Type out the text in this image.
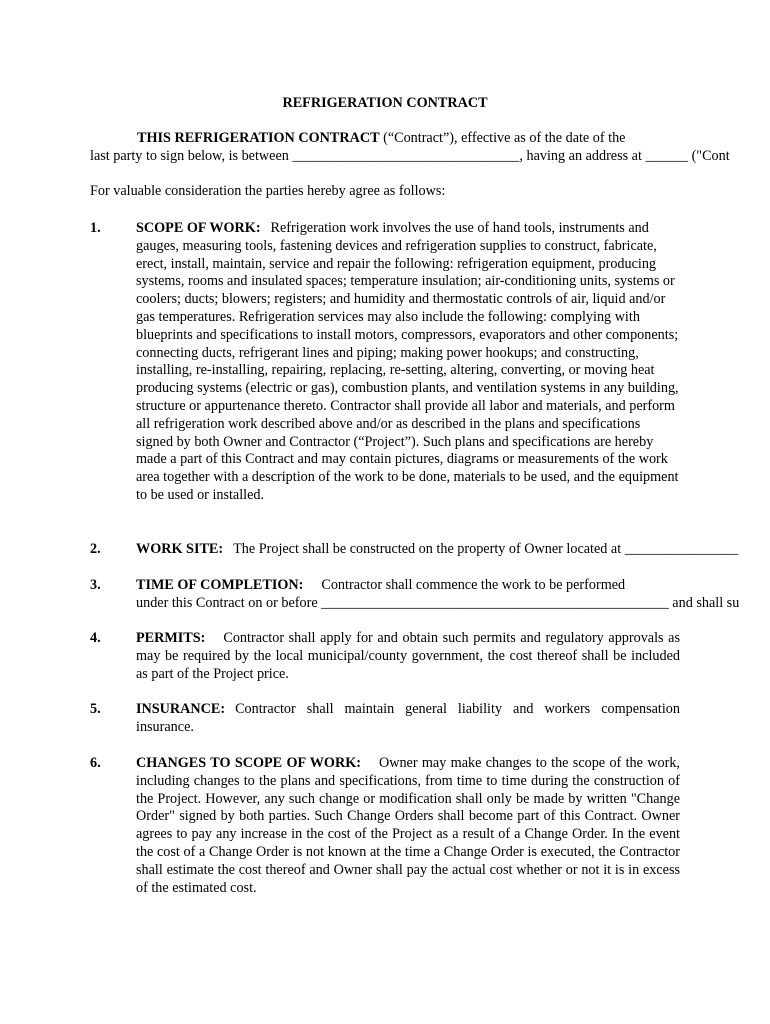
REFRIGERATION CONTRACT
THIS REFRIGERATION CONTRACT (“Contract”), effective as of the date of the
last party to sign below, is between ________________________________, having an address at ______ ("Cont
For valuable consideration the parties hereby agree as follows:
1. SCOPE OF WORK: Refrigeration work involves the use of hand tools, instruments and gauges, measuring tools, fastening devices and refrigeration supplies to construct, fabricate, erect, install, maintain, service and repair the following: refrigeration equipment, producing systems, rooms and insulated spaces; temperature insulation; air-conditioning units, systems or coolers; ducts; blowers; registers; and humidity and thermostatic controls of air, liquid and/or gas temperatures. Refrigeration services may also include the following: complying with blueprints and specifications to install motors, compressors, evaporators and other components; connecting ducts, refrigerant lines and piping; making power hookups; and constructing, installing, re-installing, repairing, replacing, re-setting, altering, converting, or moving heat producing systems (electric or gas), combustion plants, and ventilation systems in any building, structure or appurtenance thereto. Contractor shall provide all labor and materials, and perform all refrigeration work described above and/or as described in the plans and specifications signed by both Owner and Contractor (“Project”). Such plans and specifications are hereby made a part of this Contract and may contain pictures, diagrams or measurements of the work area together with a description of the work to be done, materials to be used, and the equipment to be used or installed.
2. WORK SITE: The Project shall be constructed on the property of Owner located at ________________
3. TIME OF COMPLETION: Contractor shall commence the work to be performed
under this Contract on or before _________________________________________________ and shall su
4. PERMITS: Contractor shall apply for and obtain such permits and regulatory approvals as may be required by the local municipal/county government, the cost thereof shall be included as part of the Project price.
5. INSURANCE: Contractor shall maintain general liability and workers compensation insurance.
6. CHANGES TO SCOPE OF WORK: Owner may make changes to the scope of the work, including changes to the plans and specifications, from time to time during the construction of the Project. However, any such change or modification shall only be made by written "Change Order" signed by both parties. Such Change Orders shall become part of this Contract. Owner agrees to pay any increase in the cost of the Project as a result of a Change Order. In the event the cost of a Change Order is not known at the time a Change Order is executed, the Contractor shall estimate the cost thereof and Owner shall pay the actual cost whether or not it is in excess of the estimated cost.
